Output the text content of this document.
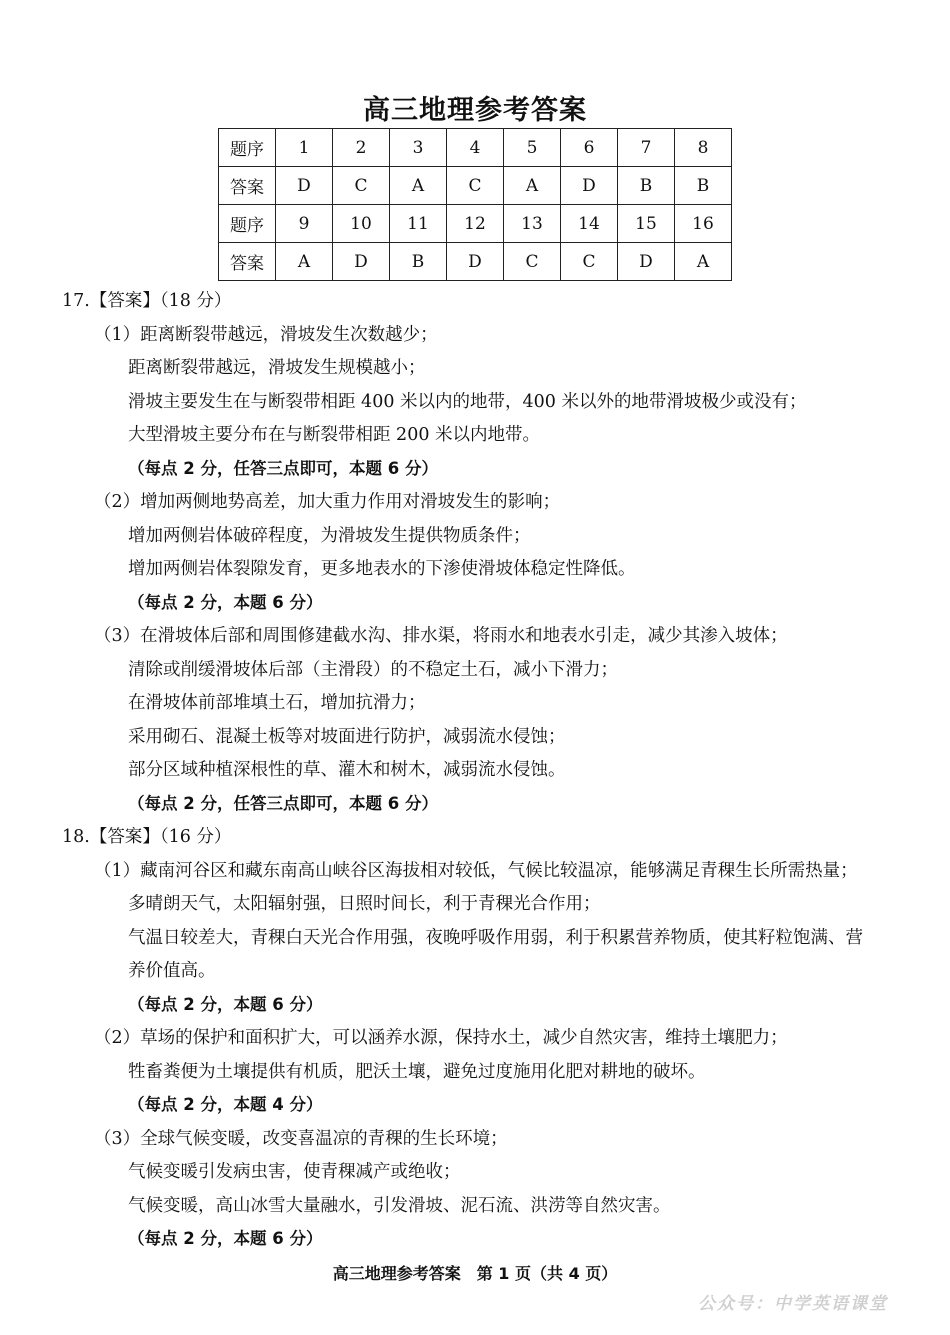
高三地理参考答案
题序	1	2	3	4	5	6	7	8
答案	D	C	A	C	A	D	B	B
题序	9	10	11	12	13	14	15	16
答案	A	D	B	D	C	C	D	A
17.【答案】（18 分）
（1）距离断裂带越远，滑坡发生次数越少；
距离断裂带越远，滑坡发生规模越小；
滑坡主要发生在与断裂带相距 400 米以内的地带，400 米以外的地带滑坡极少或没有；
大型滑坡主要分布在与断裂带相距 200 米以内地带。
（每点 2 分，任答三点即可，本题 6 分）
（2）增加两侧地势高差，加大重力作用对滑坡发生的影响；
增加两侧岩体破碎程度，为滑坡发生提供物质条件；
增加两侧岩体裂隙发育，更多地表水的下渗使滑坡体稳定性降低。
（每点 2 分，本题 6 分）
（3）在滑坡体后部和周围修建截水沟、排水渠，将雨水和地表水引走，减少其渗入坡体；
清除或削缓滑坡体后部（主滑段）的不稳定土石，减小下滑力；
在滑坡体前部堆填土石，增加抗滑力；
采用砌石、混凝土板等对坡面进行防护，减弱流水侵蚀；
部分区域种植深根性的草、灌木和树木，减弱流水侵蚀。
（每点 2 分，任答三点即可，本题 6 分）
18.【答案】（16 分）
（1）藏南河谷区和藏东南高山峡谷区海拔相对较低，气候比较温凉，能够满足青稞生长所需热量；
多晴朗天气，太阳辐射强，日照时间长，利于青稞光合作用；
气温日较差大，青稞白天光合作用强，夜晚呼吸作用弱，利于积累营养物质，使其籽粒饱满、营
养价值高。
（每点 2 分，本题 6 分）
（2）草场的保护和面积扩大，可以涵养水源，保持水土，减少自然灾害，维持土壤肥力；
牲畜粪便为土壤提供有机质，肥沃土壤，避免过度施用化肥对耕地的破坏。
（每点 2 分，本题 4 分）
（3）全球气候变暖，改变喜温凉的青稞的生长环境；
气候变暖引发病虫害，使青稞减产或绝收；
气候变暖，高山冰雪大量融水，引发滑坡、泥石流、洪涝等自然灾害。
（每点 2 分，本题 6 分）
高三地理参考答案　第 1 页（共 4 页）
公众号：中学英语课堂
